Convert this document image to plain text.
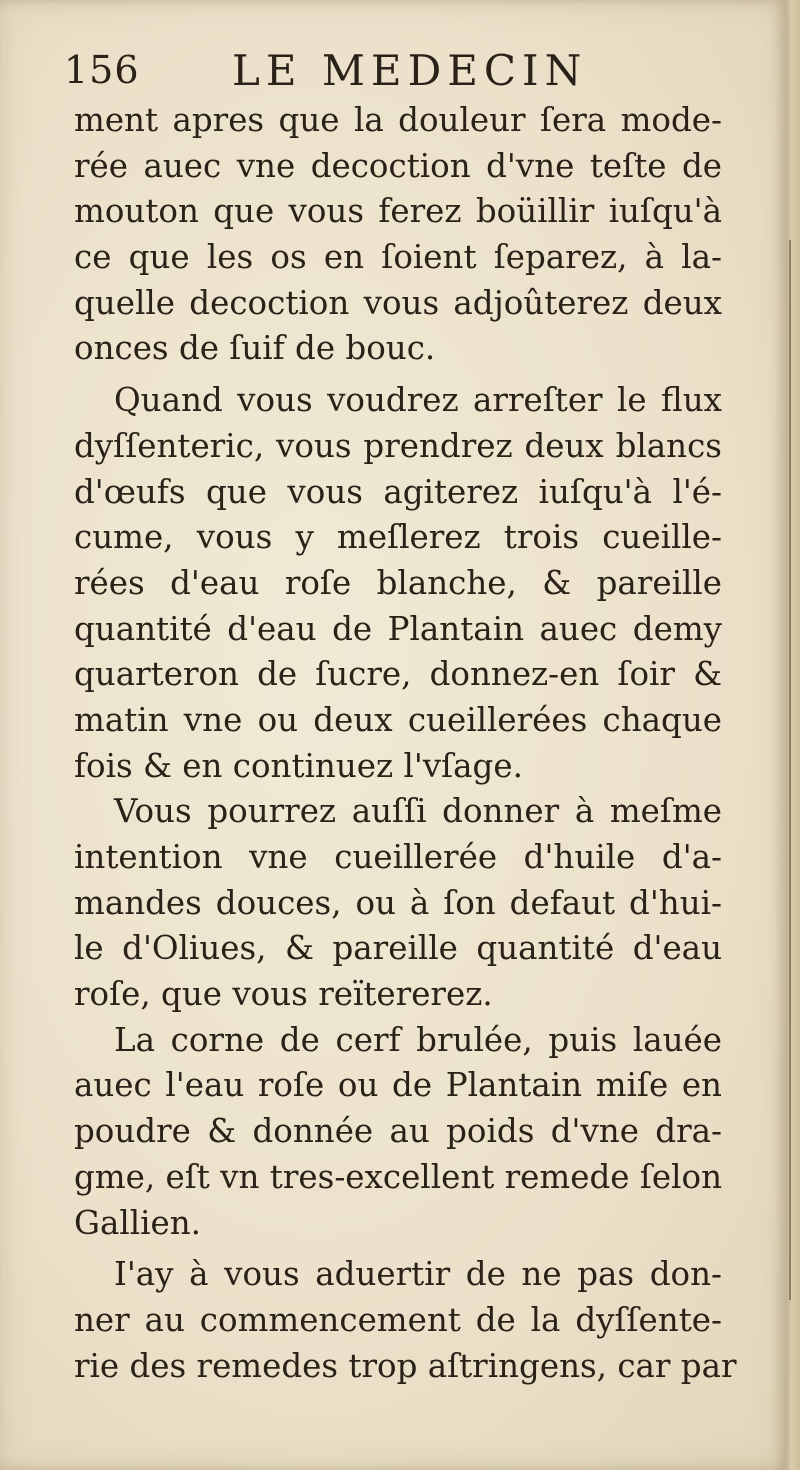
156 LE MEDECIN
ment apres que la douleur ſera mode-
rée auec vne decoction d'vne teſte de
mouton que vous ferez boüillir iuſqu'à
ce que les os en ſoient ſeparez, à la-
quelle decoction vous adjoûterez deux
onces de ſuif de bouc.
Quand vous voudrez arreſter le flux
dyſſenteric, vous prendrez deux blancs
d'œufs que vous agiterez iuſqu'à l'é-
cume, vous y meſlerez trois cueille-
rées d'eau roſe blanche, & pareille
quantité d'eau de Plantain auec demy
quarteron de ſucre, donnez-en ſoir &
matin vne ou deux cueillerées chaque
fois & en continuez l'vſage.
Vous pourrez auſſi donner à meſme
intention vne cueillerée d'huile d'a-
mandes douces, ou à ſon defaut d'hui-
le d'Oliues, & pareille quantité d'eau
roſe, que vous reïtererez.
La corne de cerf brulée, puis lauée
auec l'eau roſe ou de Plantain miſe en
poudre & donnée au poids d'vne dra-
gme, eſt vn tres-excellent remede ſelon
Gallien.
I'ay à vous aduertir de ne pas don-
ner au commencement de la dyſſente-
rie des remedes trop aſtringens, car par
